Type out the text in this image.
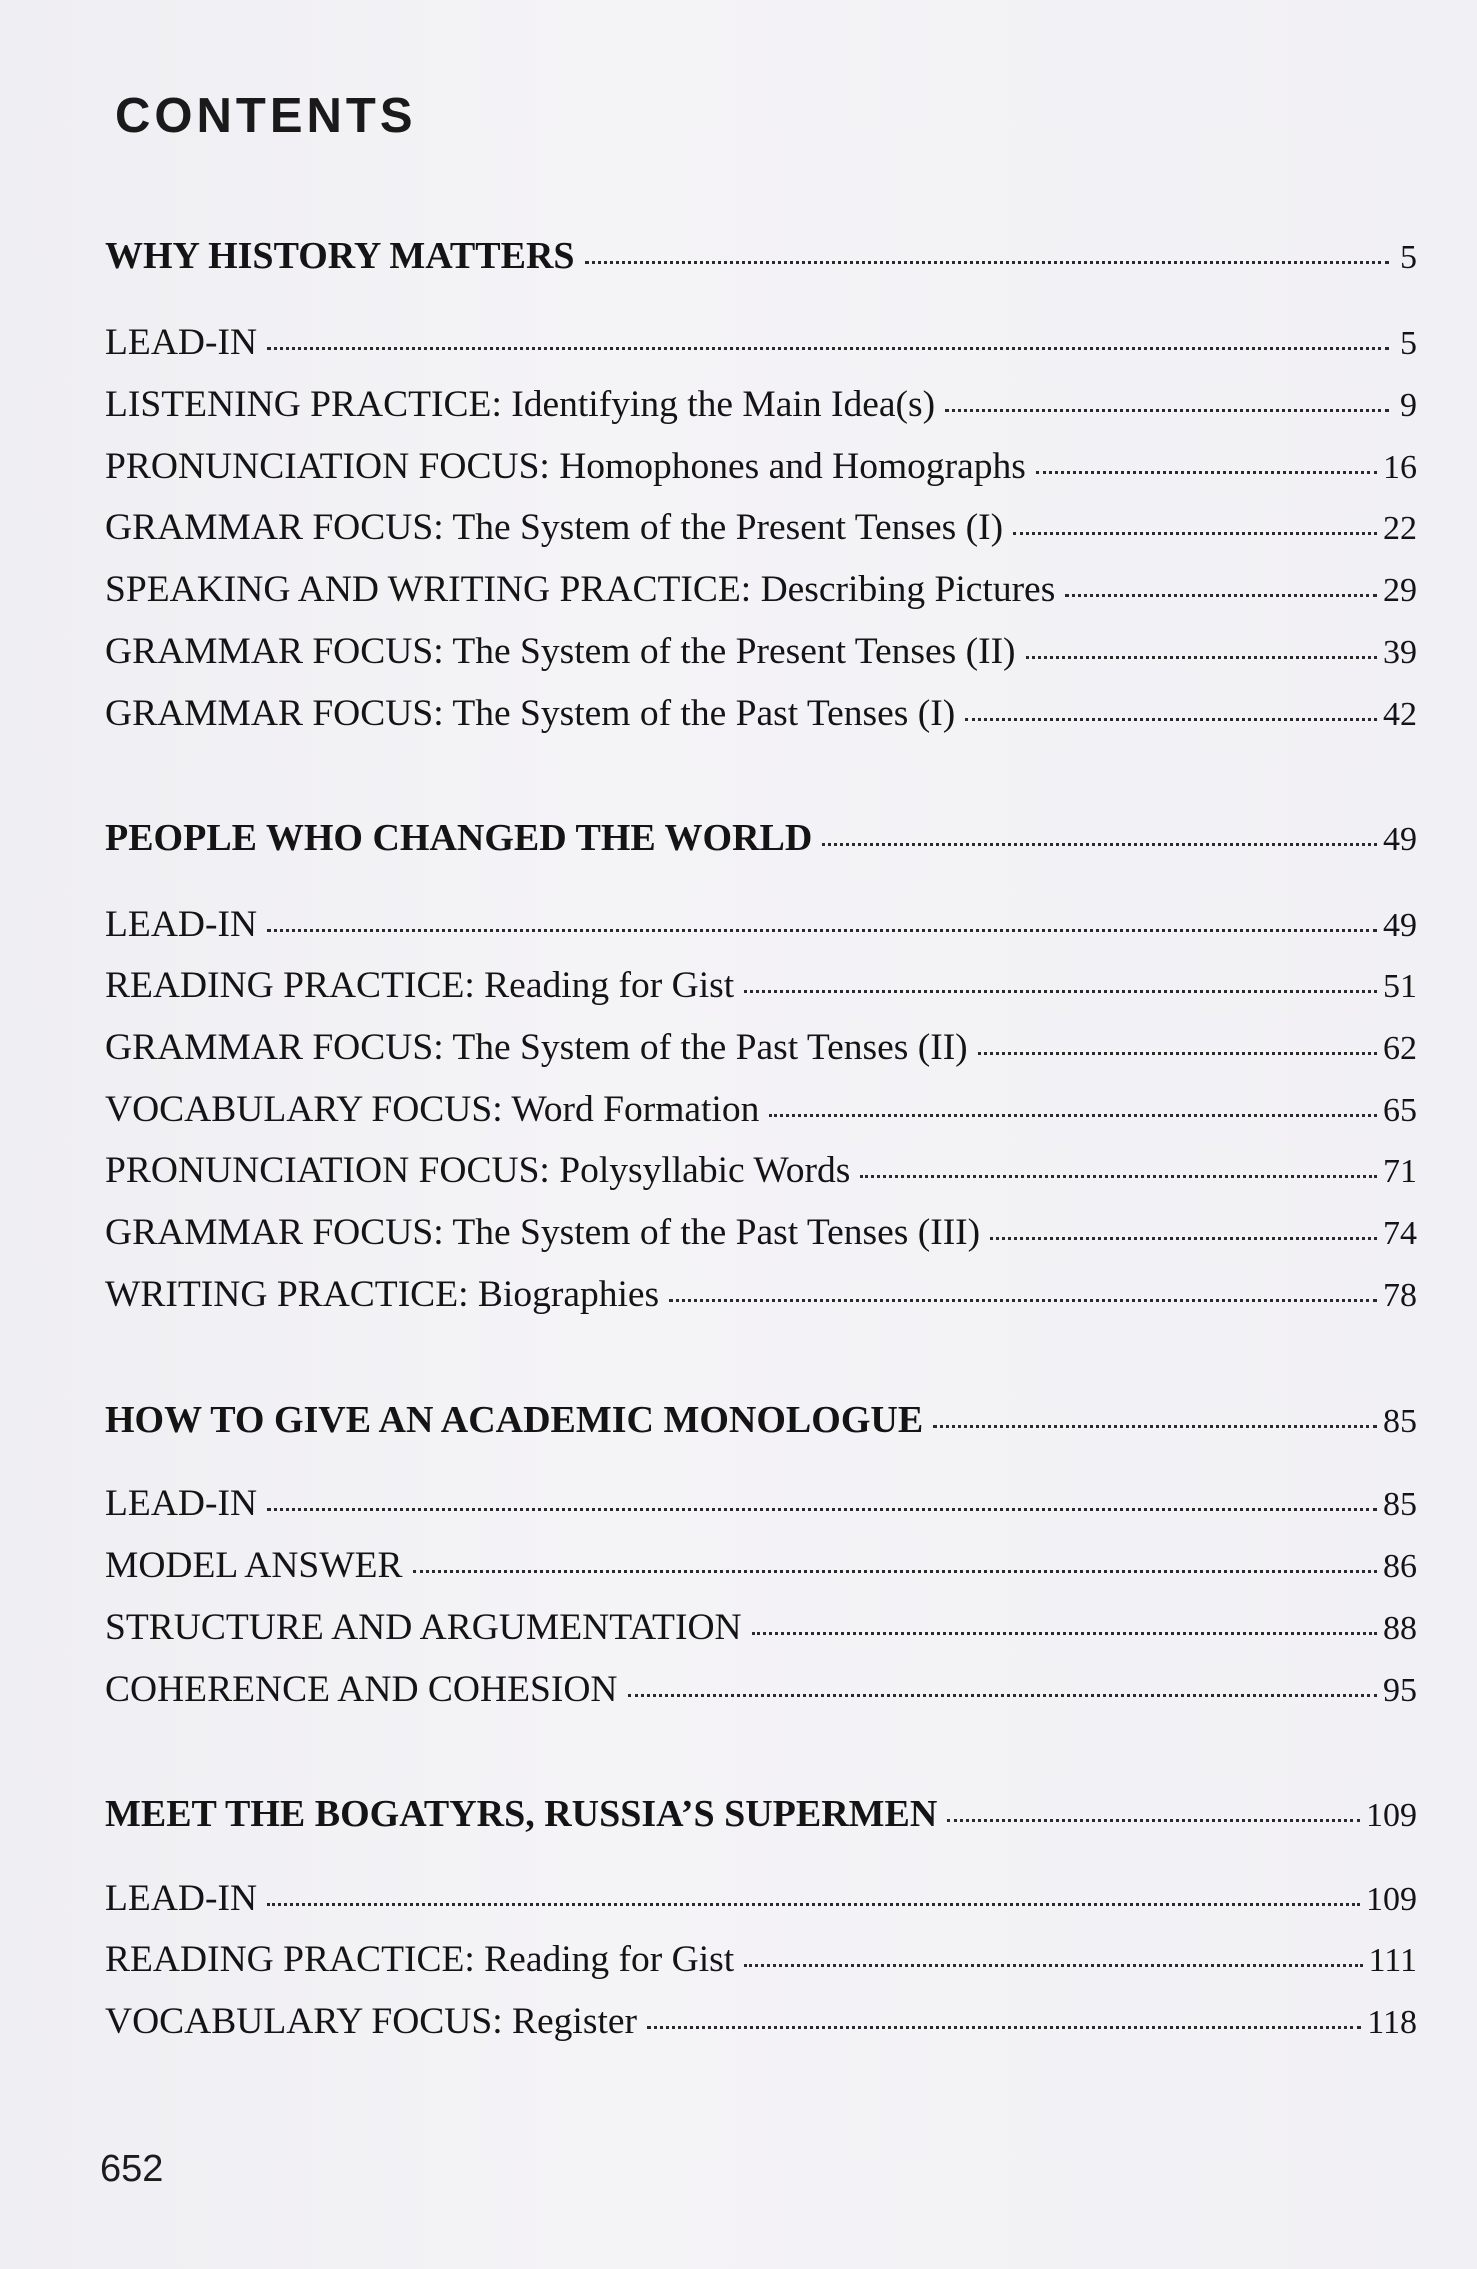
CONTENTS
WHY HISTORY MATTERS	5
LEAD-IN	5
LISTENING PRACTICE: Identifying the Main Idea(s)	9
PRONUNCIATION FOCUS: Homophones and Homographs	16
GRAMMAR FOCUS: The System of the Present Tenses (I)	22
SPEAKING AND WRITING PRACTICE: Describing Pictures	29
GRAMMAR FOCUS: The System of the Present Tenses (II)	39
GRAMMAR FOCUS: The System of the Past Tenses (I)	42
PEOPLE WHO CHANGED THE WORLD	49
LEAD-IN	49
READING PRACTICE: Reading for Gist	51
GRAMMAR FOCUS: The System of the Past Tenses (II)	62
VOCABULARY FOCUS: Word Formation	65
PRONUNCIATION FOCUS: Polysyllabic Words	71
GRAMMAR FOCUS: The System of the Past Tenses (III)	74
WRITING PRACTICE: Biographies	78
HOW TO GIVE AN ACADEMIC MONOLOGUE	85
LEAD-IN	85
MODEL ANSWER	86
STRUCTURE AND ARGUMENTATION	88
COHERENCE AND COHESION	95
MEET THE BOGATYRS, RUSSIA’S SUPERMEN	109
LEAD-IN	109
READING PRACTICE: Reading for Gist	111
VOCABULARY FOCUS: Register	118
652
